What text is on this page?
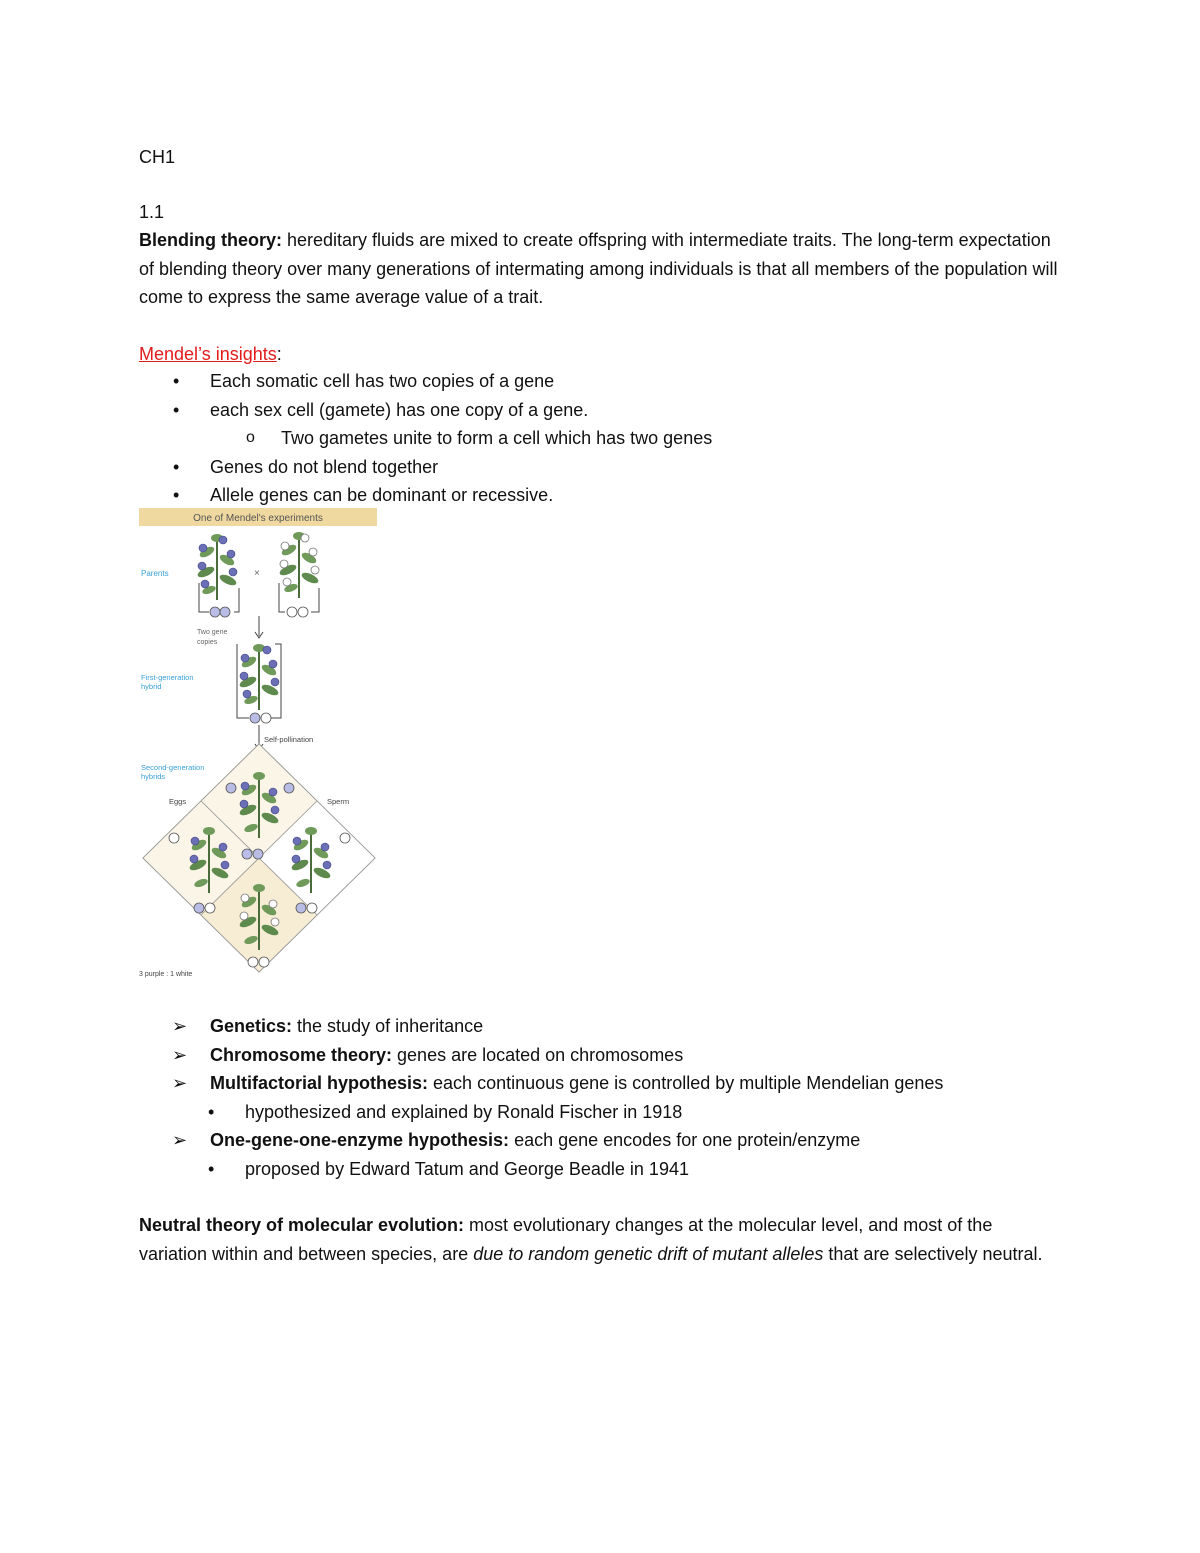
CH1
1.1
Blending theory: hereditary fluids are mixed to create offspring with intermediate traits. The long-term expectation of blending theory over many generations of intermating among individuals is that all members of the population will come to express the same average value of a trait.
Mendel’s insights:
• Each somatic cell has two copies of a gene
• each sex cell (gamete) has one copy of a gene.
o Two gametes unite to form a cell which has two genes
• Genes do not blend together
• Allele genes can be dominant or recessive.
One of Mendel's experiments
Parents	×
Two gene
copies
First-generation
hybrid
Self-pollination
Second-generation
hybrids
Eggs	Sperm
3 purple : 1 white
➢ Genetics: the study of inheritance
➢ Chromosome theory: genes are located on chromosomes
➢ Multifactorial hypothesis: each continuous gene is controlled by multiple Mendelian genes
• hypothesized and explained by Ronald Fischer in 1918
➢ One-gene-one-enzyme hypothesis: each gene encodes for one protein/enzyme
• proposed by Edward Tatum and George Beadle in 1941
Neutral theory of molecular evolution: most evolutionary changes at the molecular level, and most of the variation within and between species, are due to random genetic drift of mutant alleles that are selectively neutral.
